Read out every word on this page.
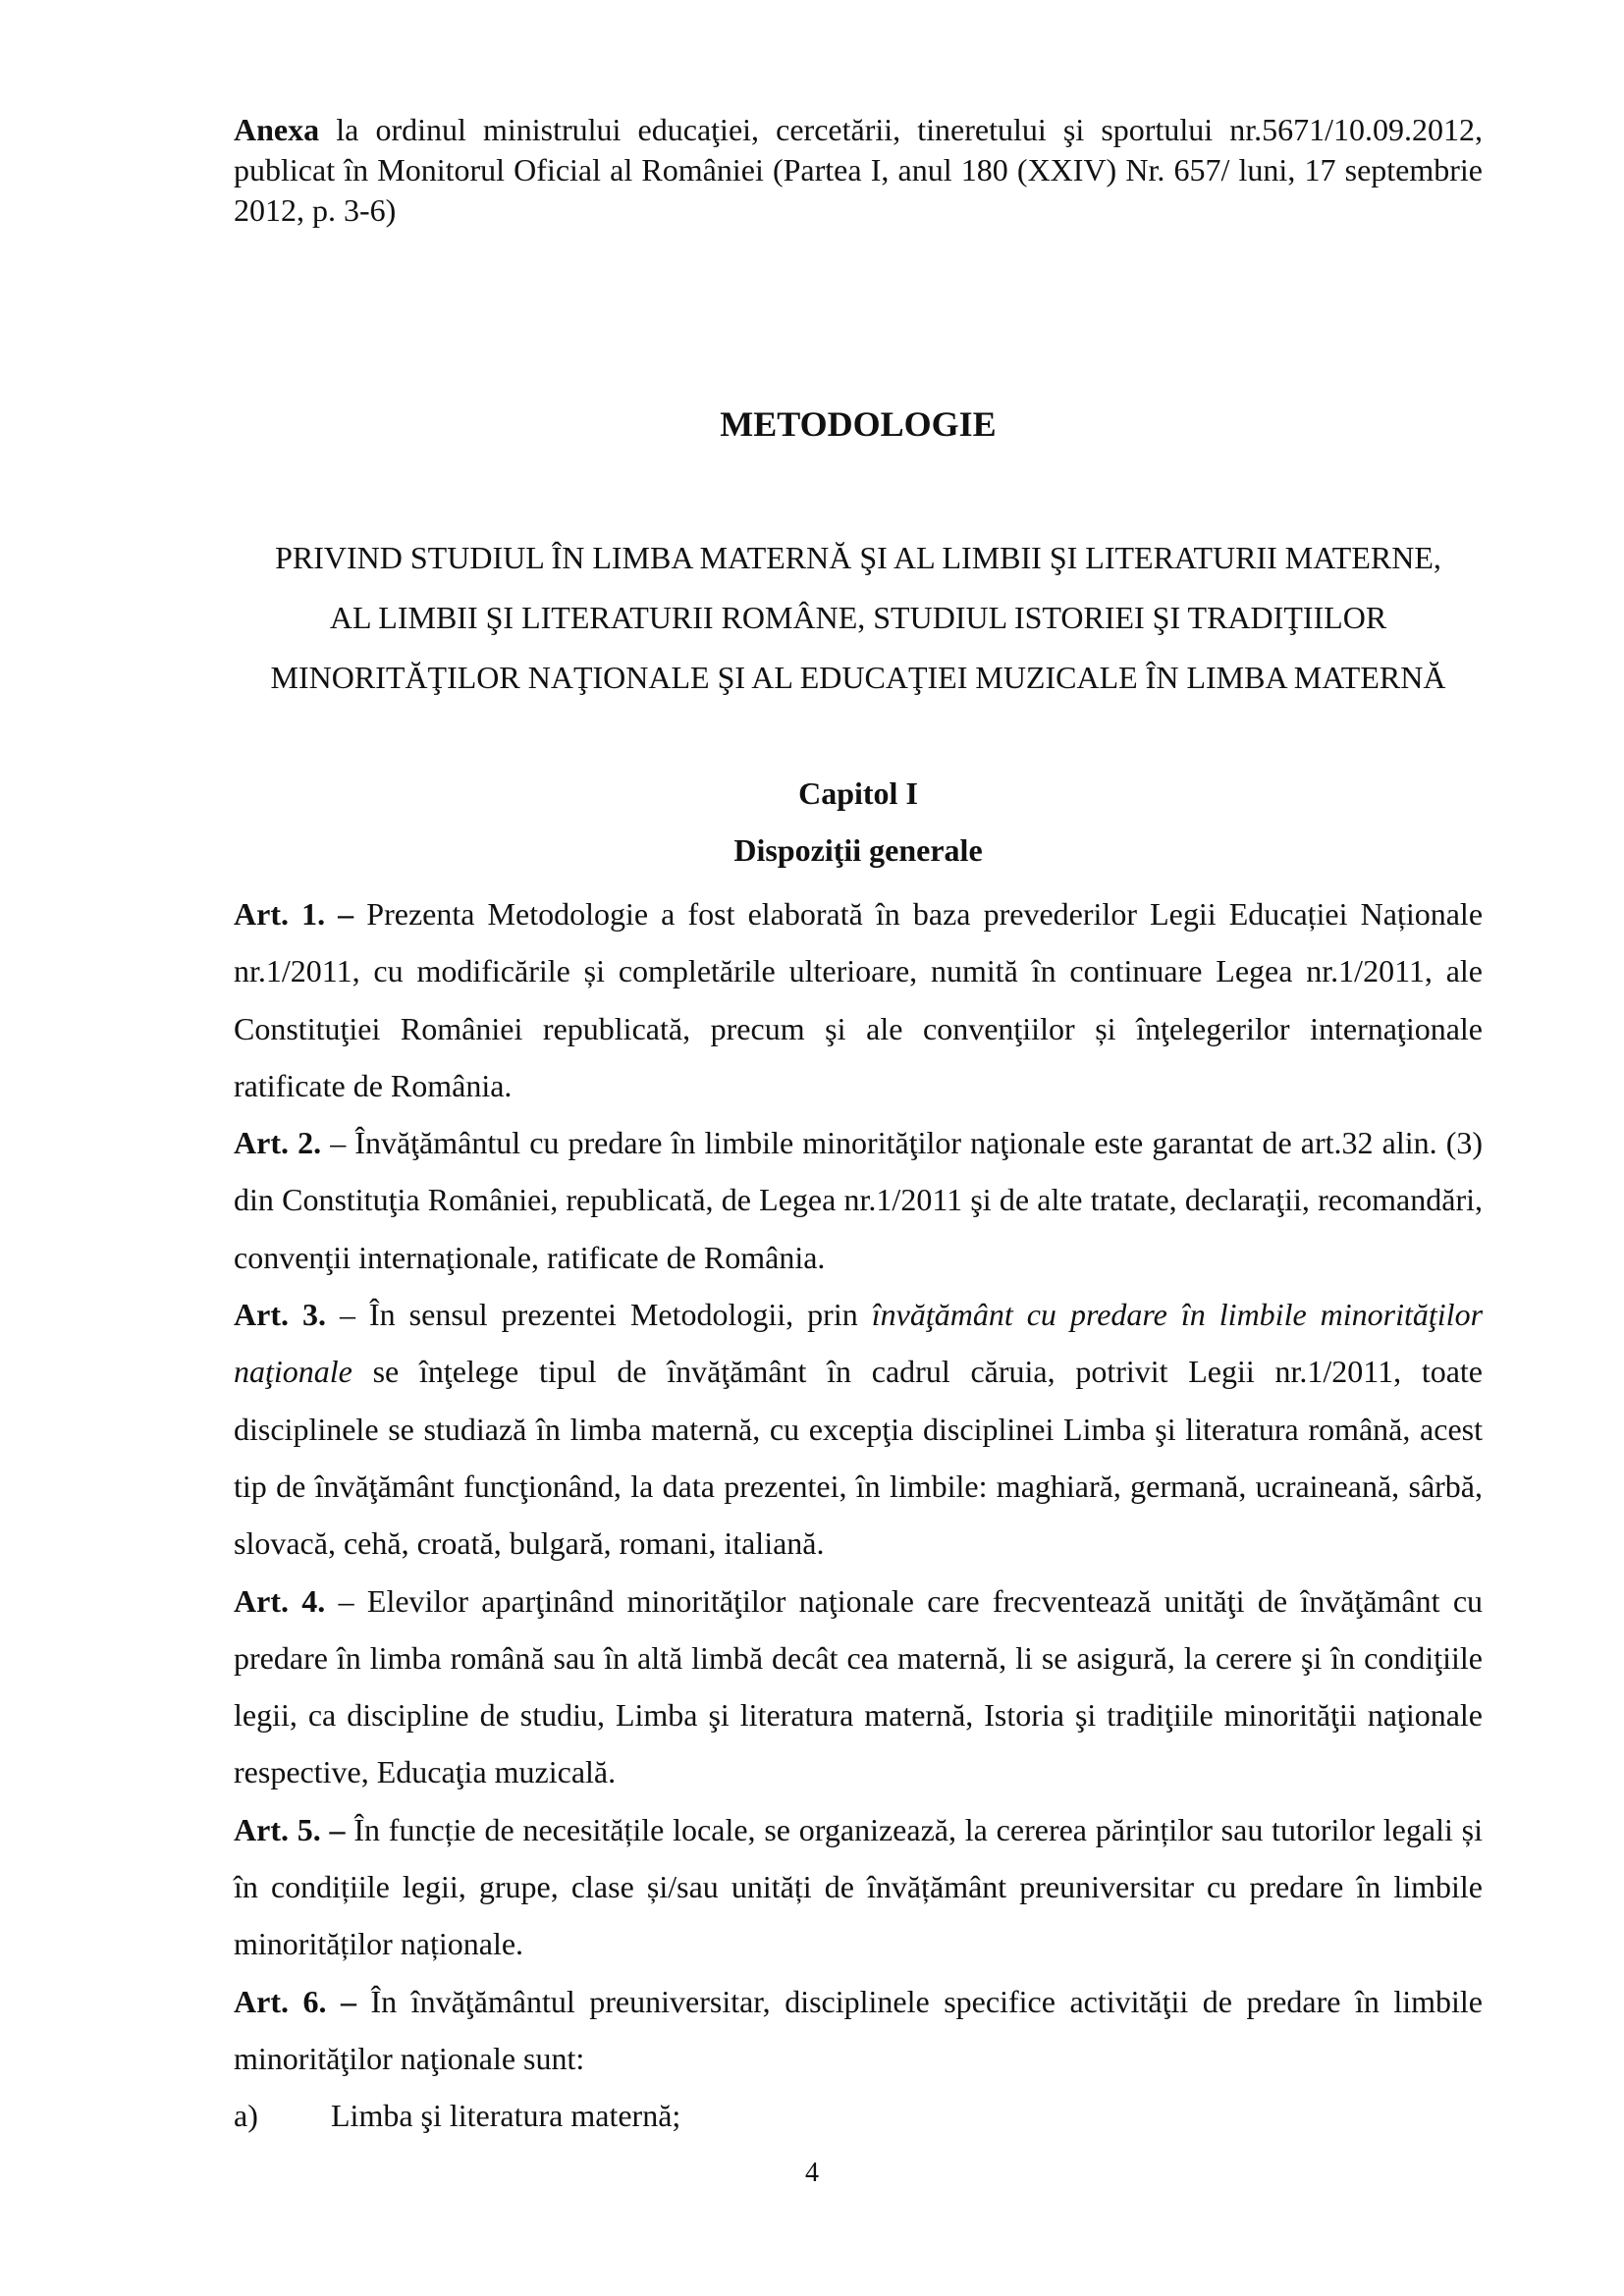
Anexa la ordinul ministrului educaţiei, cercetării, tineretului şi sportului nr.5671/10.09.2012, publicat în Monitorul Oficial al României (Partea I, anul 180 (XXIV) Nr. 657/ luni, 17 septembrie 2012, p. 3-6)
METODOLOGIE
PRIVIND STUDIUL ÎN LIMBA MATERNĂ ŞI AL LIMBII ŞI LITERATURII MATERNE,
AL LIMBII ŞI LITERATURII ROMÂNE, STUDIUL ISTORIEI ŞI TRADIŢIILOR
MINORITĂŢILOR NAŢIONALE ŞI AL EDUCAŢIEI MUZICALE ÎN LIMBA MATERNĂ
Capitol I
Dispoziţii generale

Art. 1. – Prezenta Metodologie a fost elaborată în baza prevederilor Legii Educației Naționale nr.1/2011, cu modificările și completările ulterioare, numită în continuare Legea nr.1/2011, ale Constituţiei României republicată, precum şi ale convenţiilor și înţelegerilor internaţionale ratificate de România.

Art. 2. – Învăţământul cu predare în limbile minorităţilor naţionale este garantat de art.32 alin. (3) din Constituţia României, republicată, de Legea nr.1/2011 şi de alte tratate, declaraţii, recomandări, convenţii internaţionale, ratificate de România.

Art. 3. – În sensul prezentei Metodologii, prin învăţământ cu predare în limbile minorităţilor naţionale se înţelege tipul de învăţământ în cadrul căruia, potrivit Legii nr.1/2011, toate disciplinele se studiază în limba maternă, cu excepţia disciplinei Limba şi literatura română, acest tip de învăţământ funcţionând, la data prezentei, în limbile: maghiară, germană, ucraineană, sârbă, slovacă, cehă, croată, bulgară, romani, italiană.

Art. 4. – Elevilor aparţinând minorităţilor naţionale care frecventează unităţi de învăţământ cu predare în limba română sau în altă limbă decât cea maternă, li se asigură, la cerere şi în condiţiile legii, ca discipline de studiu, Limba şi literatura maternă, Istoria şi tradiţiile minorităţii naţionale respective, Educaţia muzicală.

Art. 5. – În funcție de necesitățile locale, se organizează, la cererea părinților sau tutorilor legali și în condițiile legii, grupe, clase și/sau unități de învățământ preuniversitar cu predare în limbile minorităților naționale.

Art. 6. – În învăţământul preuniversitar, disciplinele specifice activităţii de predare în limbile minorităţilor naţionale sunt:

a)	Limba şi literatura maternă;

4
